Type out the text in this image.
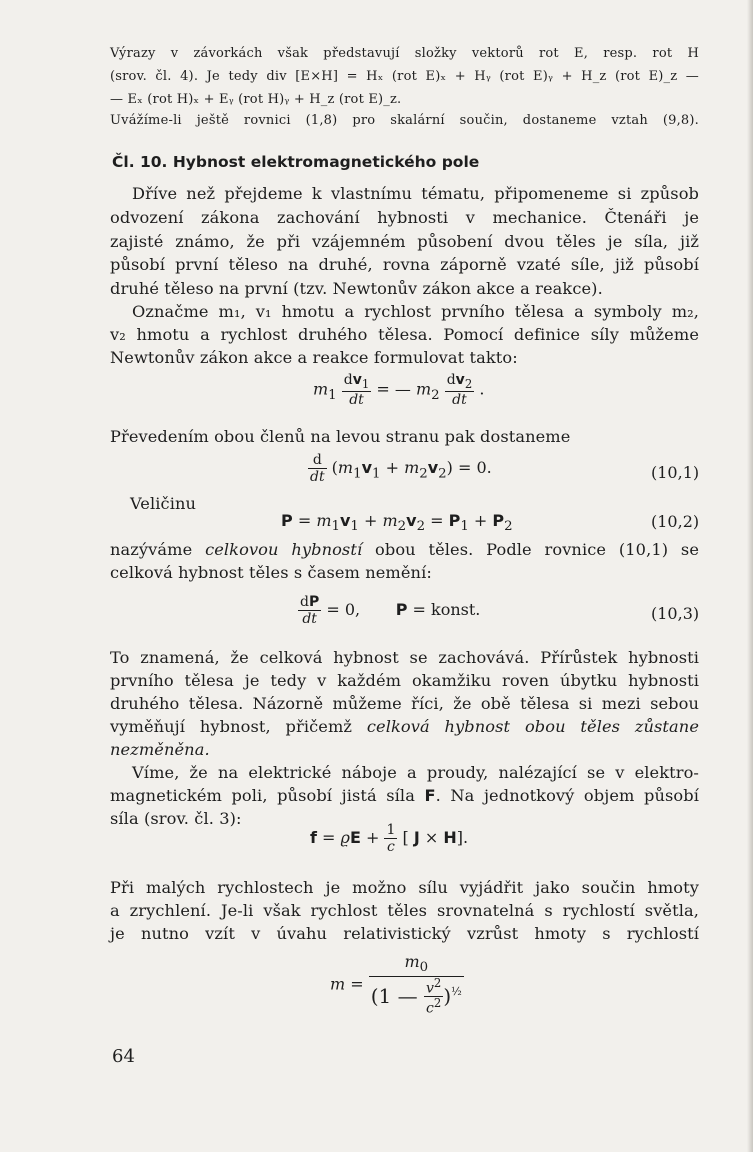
Výrazy v závorkách však představují složky vektorů rot E, resp. rot H
(srov. čl. 4). Je tedy div [E×H] = Hₓ (rot E)ₓ + Hᵧ (rot E)ᵧ + H_z (rot E)_z —
— Eₓ (rot H)ₓ + Eᵧ (rot H)ᵧ + H_z (rot E)_z.
Uvážíme-li ještě rovnici (1,8) pro skalární součin, dostaneme vztah (9,8).
Čl. 10. Hybnost elektromagnetického pole
Dříve než přejdeme k vlastnímu tématu, připomeneme si způsob
odvození zákona zachování hybnosti v mechanice. Čtenáři je
zajisté známo, že při vzájemném působení dvou těles je síla, již
působí první těleso na druhé, rovna záporně vzaté síle, již působí
druhé těleso na první (tzv. Newtonův zákon akce a reakce).
Označme m₁, v₁ hmotu a rychlost prvního tělesa a symboly m₂,
v₂ hmotu a rychlost druhého tělesa. Pomocí definice síly můžeme
Newtonův zákon akce a reakce formulovat takto:
$m_1 \frac{dv_1}{dt}$ = — $m_2 \frac{dv_2}{dt}$ .
Převedením obou členů na levou stranu pak dostaneme
$\frac{d}{dt} (m_1v_1 + m_2v_2) = 0$.	(10,1)
Veličinu
$P = m_1v_1 + m_2v_2 = P_1 + P_2$	(10,2)
nazýváme celkovou hybností obou těles. Podle rovnice (10,1) se
celková hybnost těles s časem nemění:
$\frac{dP}{dt} = 0$,       P = konst.	(10,3)
To znamená, že celková hybnost se zachovává. Přírůstek hybnosti
prvního tělesa je tedy v každém okamžiku roven úbytku hybnosti
druhého tělesa. Názorně můžeme říci, že obě tělesa si mezi sebou
vyměňují hybnost, přičemž celková hybnost obou těles zůstane
nezměněna.
Víme, že na elektrické náboje a proudy, nalézající se v elektro-
magnetickém poli, působí jistá síla F. Na jednotkový objem působí
síla (srov. čl. 3):
$f = ϱE + \frac{1}{c}$ [ J × H].
Při malých rychlostech je možno sílu vyjádřit jako součin hmoty
a zrychlení. Je-li však rychlost těles srovnatelná s rychlostí světla,
je nutno vzít v úvahu relativistický vzrůst hmoty s rychlostí
$m = \frac{m_0}{(1 — \frac{v^2}{c^2} )^{\frac{1}{2}}}$
64
